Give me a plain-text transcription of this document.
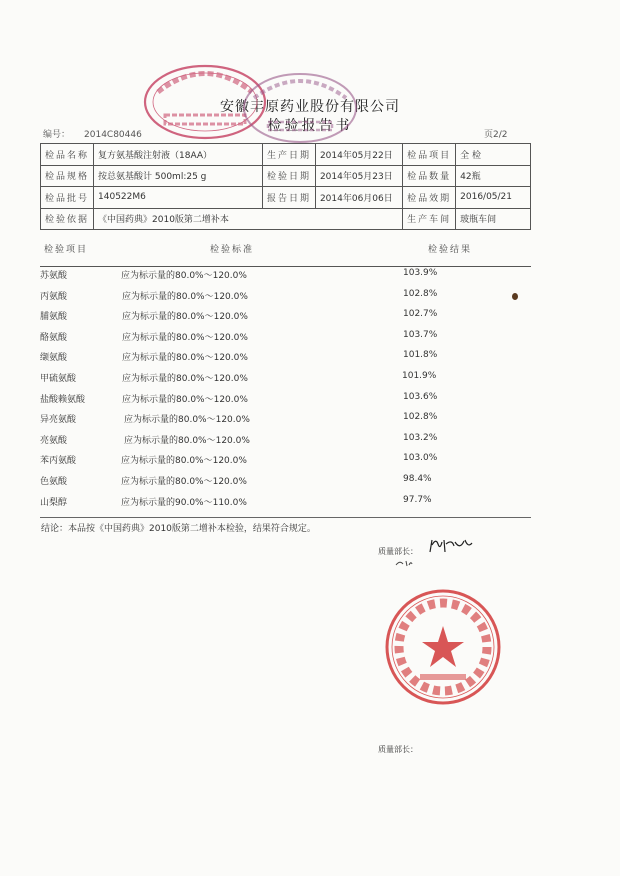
安徽丰原药业股份有限公司
检验报告书
编号： 2014C80446	页2/2
检品名称	复方氨基酸注射液（18AA）	生产日期	2014年05月22日	检品项目	全 检
检品规格	按总氨基酸计 500ml:25 g	检验日期	2014年05月23日	检品数量	42瓶
检品批号	140522M6	报告日期	2014年06月06日	检品效期	2016/05/21
检验依据	《中国药典》2010版第二增补本			生产车间	玻瓶车间
检验项目	检验标准	检验结果
苏氨酸	应为标示量的80.0%～120.0%	103.9%
丙氨酸	应为标示量的80.0%～120.0%	102.8%
脯氨酸	应为标示量的80.0%～120.0%	102.7%
酪氨酸	应为标示量的80.0%～120.0%	103.7%
缬氨酸	应为标示量的80.0%～120.0%	101.8%
甲硫氨酸	应为标示量的80.0%～120.0%	101.9%
盐酸赖氨酸	应为标示量的80.0%～120.0%	103.6%
异亮氨酸	应为标示量的80.0%～120.0%	102.8%
亮氨酸	应为标示量的80.0%～120.0%	103.2%
苯丙氨酸	应为标示量的80.0%～120.0%	103.0%
色氨酸	应为标示量的80.0%～120.0%	98.4%
山梨醇	应为标示量的90.0%～110.0%	97.7%
结论：本品按《中国药典》2010版第二增补本检验，结果符合规定。
质量部长：
质量部长：
